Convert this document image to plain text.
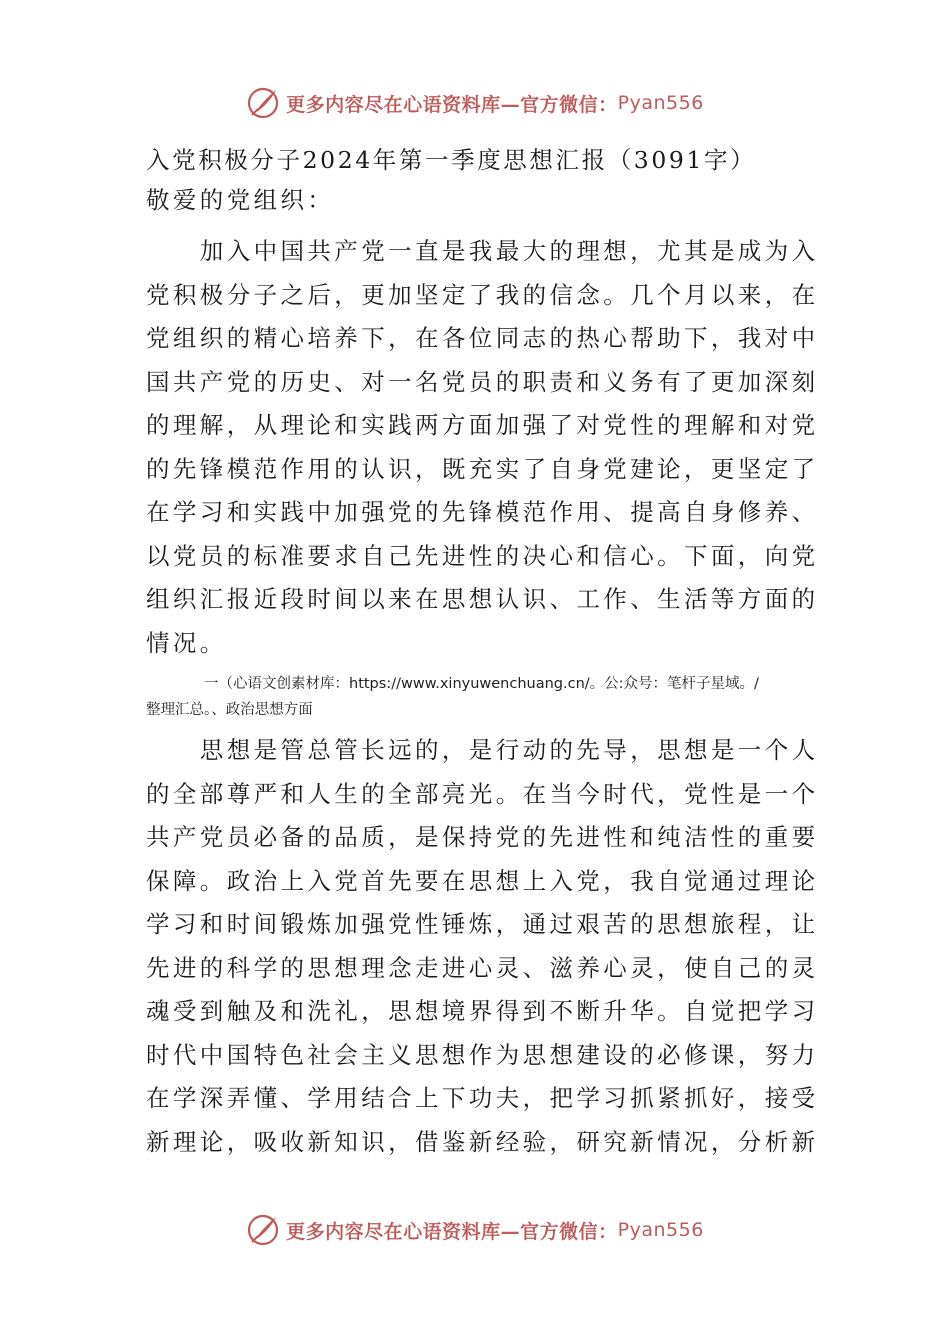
更多内容尽在心语资料库—官方微信： Pyan556
入党积极分子2024年第一季度思想汇报（3091字）
敬爱的党组织：
　　加入中国共产党一直是我最大的理想，尤其是成为入
党积极分子之后，更加坚定了我的信念。几个月以来，在
党组织的精心培养下，在各位同志的热心帮助下，我对中
国共产党的历史、对一名党员的职责和义务有了更加深刻
的理解，从理论和实践两方面加强了对党性的理解和对党
的先锋模范作用的认识，既充实了自身党建论，更坚定了
在学习和实践中加强党的先锋模范作用、提高自身修养、
以党员的标准要求自己先进性的决心和信心。下面，向党
组织汇报近段时间以来在思想认识、工作、生活等方面的
情况。
　　　　一（心语文创素材库：https://www.xinyuwenchuang.cn/。公:众号：笔杆子星域。/
整理汇总。、政治思想方面
　　思想是管总管长远的，是行动的先导，思想是一个人
的全部尊严和人生的全部亮光。在当今时代，党性是一个
共产党员必备的品质，是保持党的先进性和纯洁性的重要
保障。政治上入党首先要在思想上入党，我自觉通过理论
学习和时间锻炼加强党性锤炼，通过艰苦的思想旅程，让
先进的科学的思想理念走进心灵、滋养心灵，使自己的灵
魂受到触及和洗礼，思想境界得到不断升华。自觉把学习
时代中国特色社会主义思想作为思想建设的必修课，努力
在学深弄懂、学用结合上下功夫，把学习抓紧抓好，接受
新理论，吸收新知识，借鉴新经验，研究新情况，分析新
更多内容尽在心语资料库—官方微信： Pyan556
